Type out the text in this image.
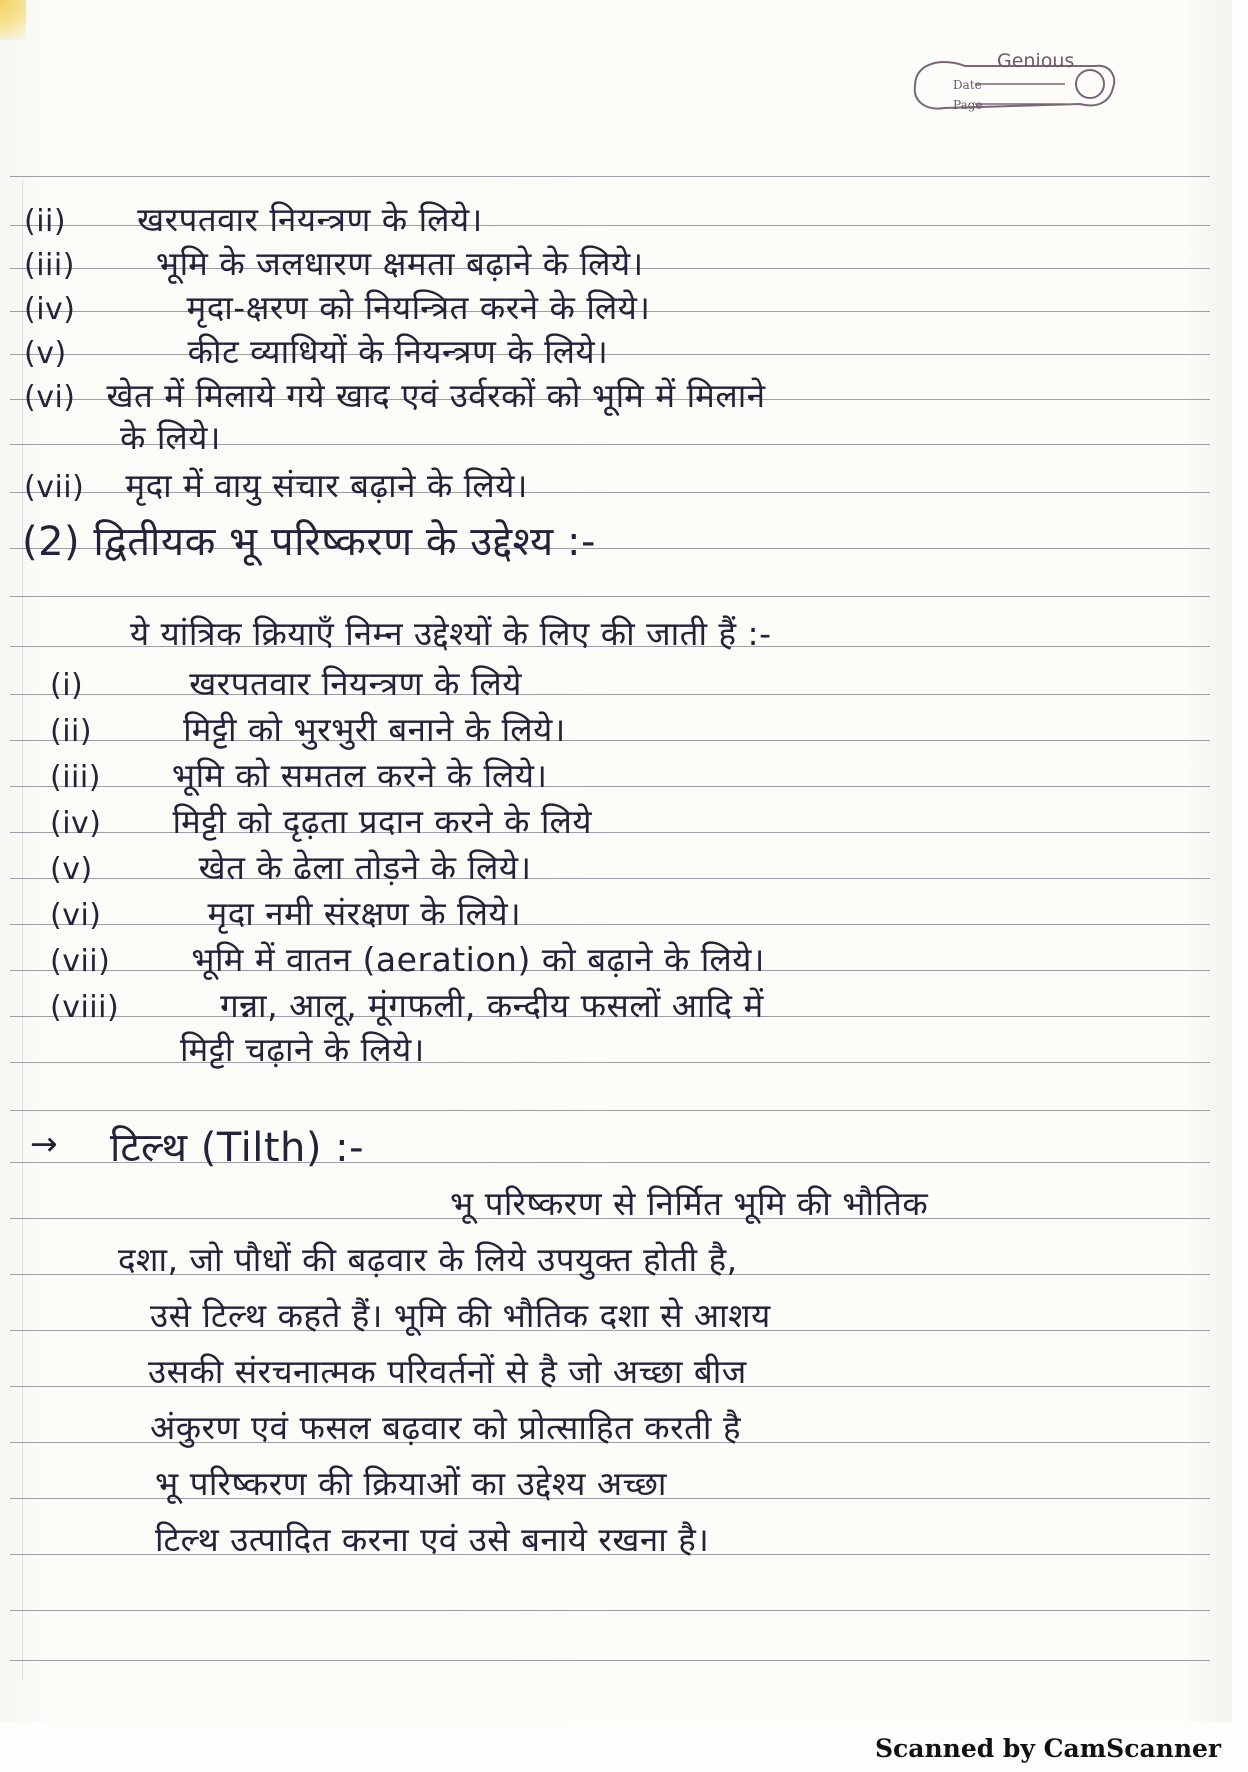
Genious
Date
Page
(ii) खरपतवार नियन्त्रण के लिये।
(iii) भूमि के जलधारण क्षमता बढ़ाने के लिये।
(iv)	मृदा-क्षरण को नियन्त्रित करने के लिये।
(v)	कीट व्याधियों के नियन्त्रण के लिये।
(vi) खेत में मिलाये गये खाद एवं उर्वरकों को भूमि में मिलाने
के लिये।
(vii) मृदा में वायु संचार बढ़ाने के लिये।
(2) द्वितीयक भू परिष्करण के उद्देश्य :-
ये यांत्रिक क्रियाएँ निम्न उद्देश्यों के लिए की जाती हैं :-
(i)	खरपतवार नियन्त्रण के लिये
(ii)	मिट्टी को भुरभुरी बनाने के लिये।
(iii) भूमि को समतल करने के लिये।
(iv) मिट्टी को दृढ़ता प्रदान करने के लिये
(v)	खेत के ढेला तोड़ने के लिये।
(vi)	मृदा नमी संरक्षण के लिये।
(vii) भूमि में वातन (aeration) को बढ़ाने के लिये।
(viii)	गन्ना, आलू, मूंगफली, कन्दीय फसलों आदि में
मिट्टी चढ़ाने के लिये।
→ टिल्थ (Tilth) :-
भू परिष्करण से निर्मित भूमि की भौतिक
दशा, जो पौधों की बढ़वार के लिये उपयुक्त होती है,
उसे टिल्थ कहते हैं। भूमि की भौतिक दशा से आशय
उसकी संरचनात्मक परिवर्तनों से है जो अच्छा बीज
अंकुरण एवं फसल बढ़वार को प्रोत्साहित करती है
भू परिष्करण की क्रियाओं का उद्देश्य अच्छा
टिल्थ उत्पादित करना एवं उसे बनाये रखना है।
Scanned by CamScanner
